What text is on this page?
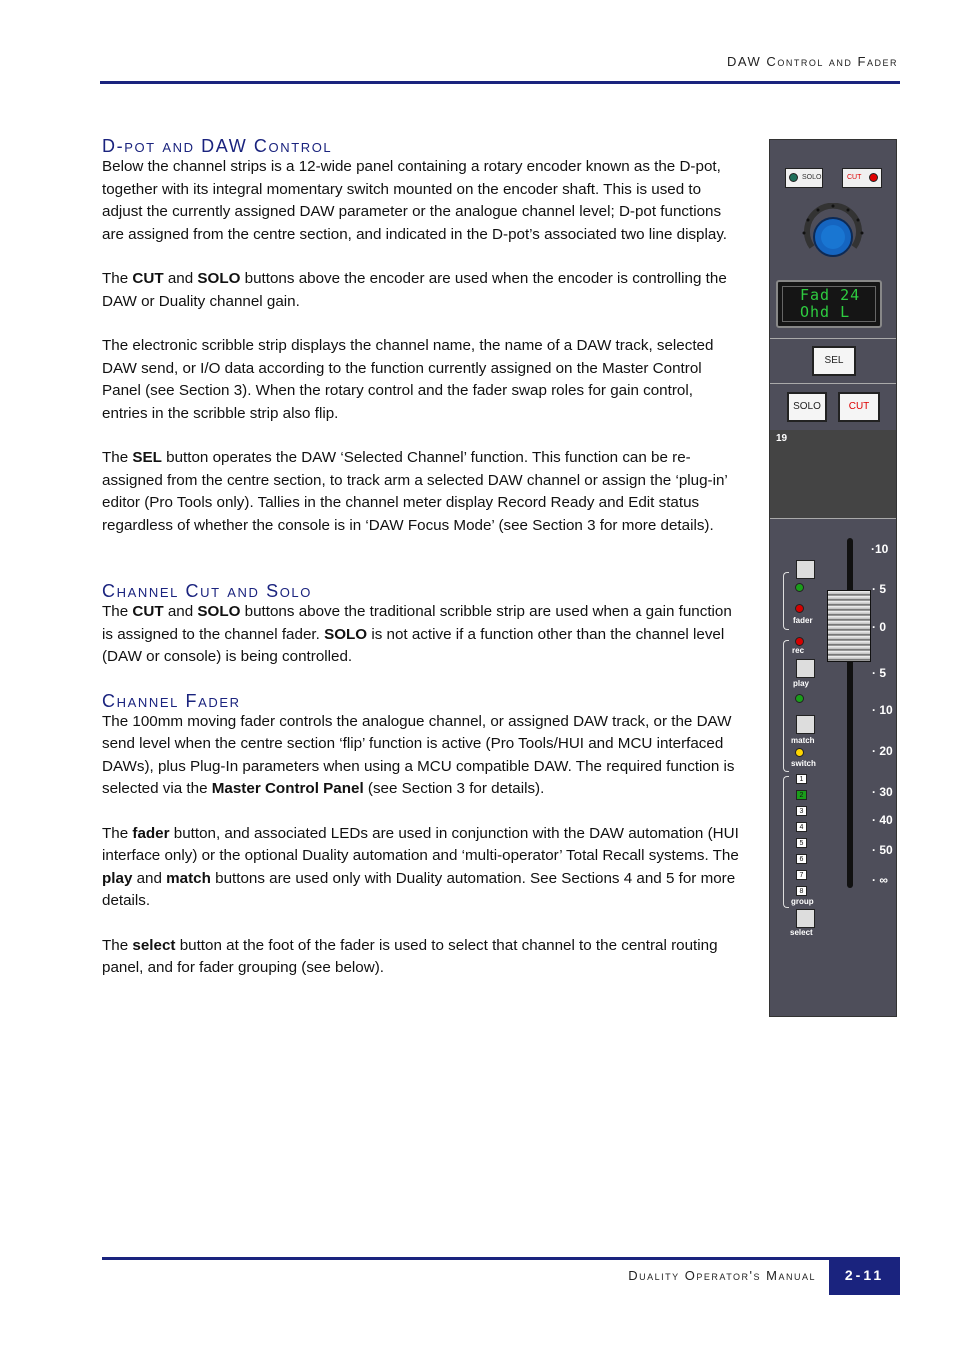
DAW Control and Fader
D-pot and DAW Control

Below the channel strips is a 12-wide panel containing a rotary encoder known as the D-pot, together with its integral momentary switch mounted on the encoder shaft. This is used to adjust the currently assigned DAW parameter or the analogue channel level; D-pot functions are assigned from the centre section, and indicated in the D-pot’s associated two line display.

The CUT and SOLO buttons above the encoder are used when the encoder is controlling the DAW or Duality channel gain.

The electronic scribble strip displays the channel name, the name of a DAW track, selected DAW send, or I/O data according to the function currently assigned on the Master Control Panel (see Section 3). When the rotary control and the fader swap roles for gain control, entries in the scribble strip also flip.

The SEL button operates the DAW ‘Selected Channel’ function. This function can be re-assigned from the centre section, to track arm a selected DAW channel or assign the ‘plug-in’ editor (Pro Tools only). Tallies in the channel meter display Record Ready and Edit status regardless of whether the console is in ‘DAW Focus Mode’ (see Section 3 for more details).

Channel Cut and Solo

The CUT and SOLO buttons above the traditional scribble strip are used when a gain function is assigned to the channel fader. SOLO is not active if a function other than the channel level (DAW or console) is being controlled.

Channel Fader

The 100mm moving fader controls the analogue channel, or assigned DAW track, or the DAW send level when the centre section ‘flip’ function is active (Pro Tools/HUI and MCU interfaced DAWs), plus Plug-In parameters when using a MCU compatible DAW. The required function is selected via the Master Control Panel (see Section 3 for details).

The fader button, and associated LEDs are used in conjunction with the DAW automation (HUI interface only) or the optional Duality automation and ‘multi-operator’ Total Recall systems. The play and match buttons are used only with Duality automation. See Sections 4 and 5 for more details.

The select button at the foot of the fader is used to select that channel to the central routing panel, and for fader grouping (see below).

SOLO	CUT
Fad 24
Ohd L
SEL
SOLO	CUT
19
fader
rec
play
match
switch
1
2
3
4
5
6
7
8
group
select
·10
· 5
· 0
· 5
· 10
· 20
· 30
· 40
· 50
· ∞
Duality Operator's Manual	2-11
